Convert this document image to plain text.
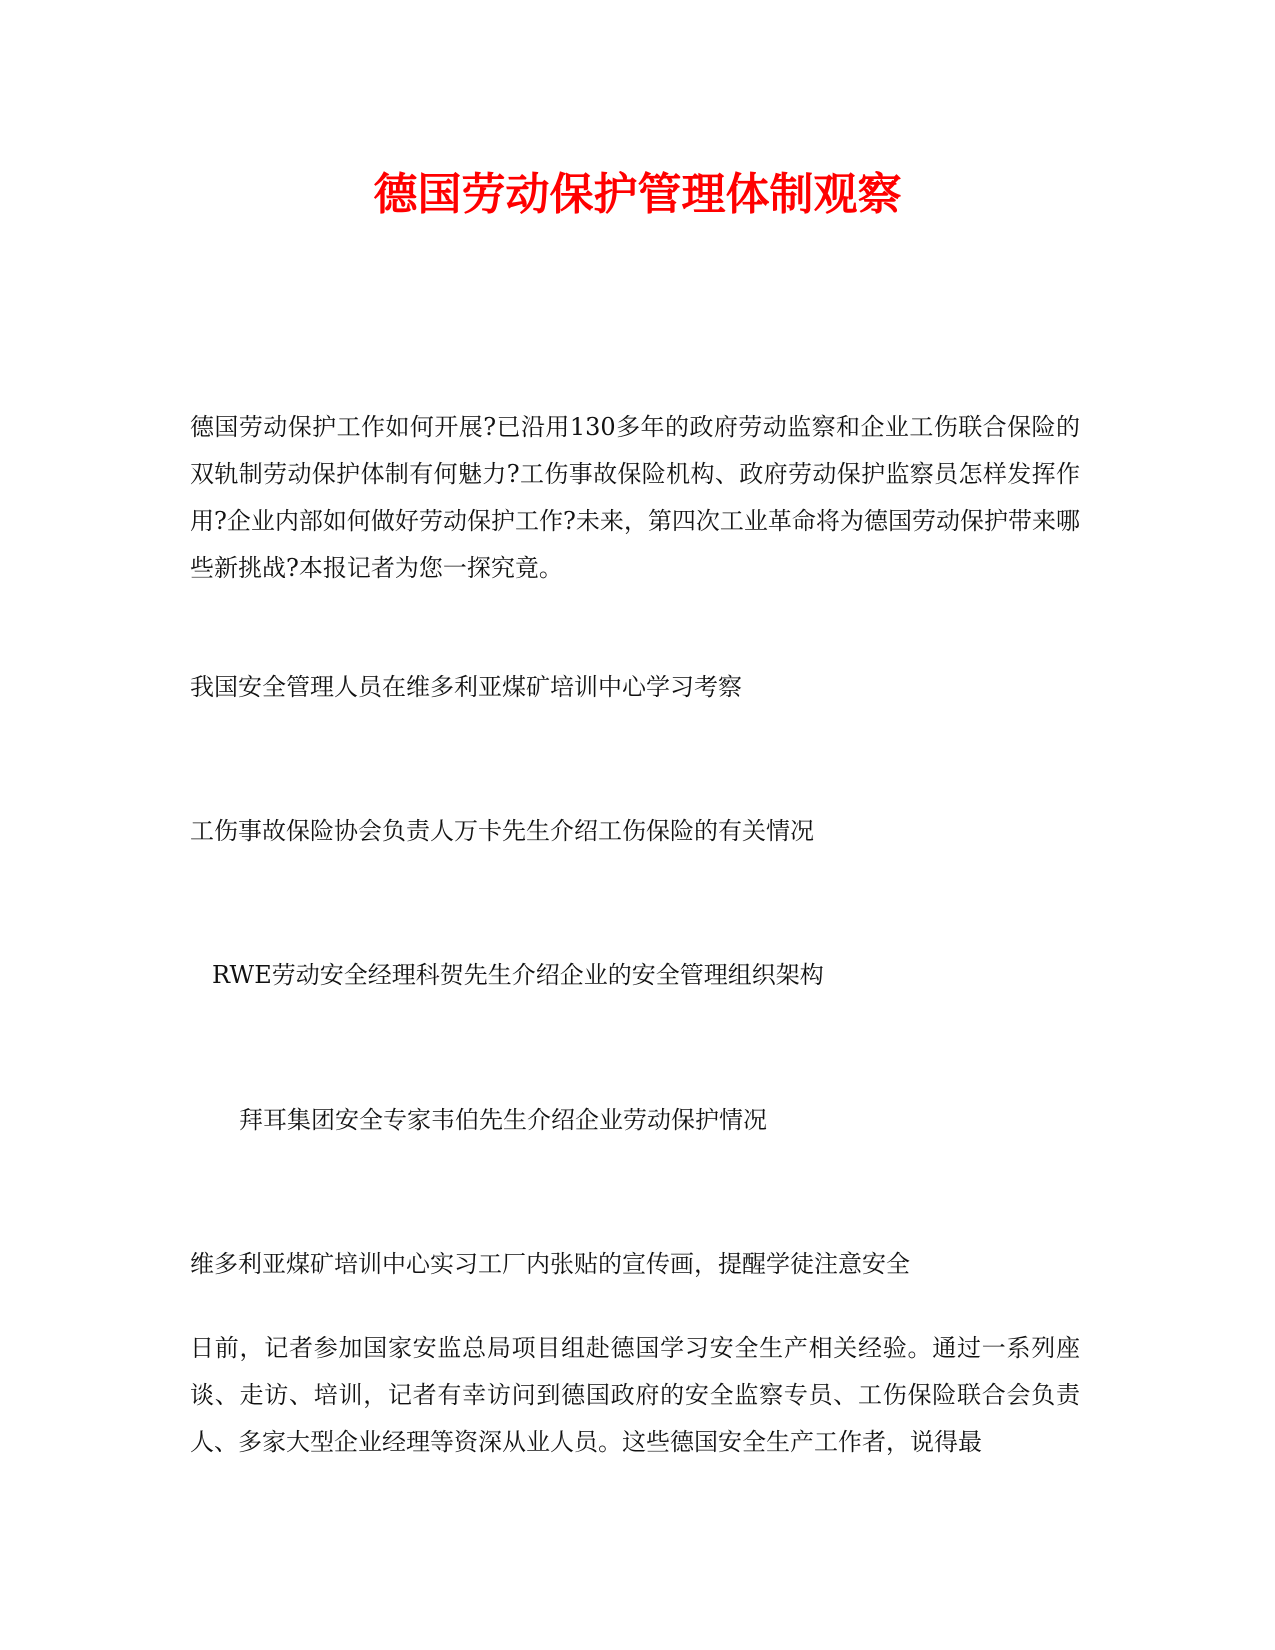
德国劳动保护管理体制观察

德国劳动保护工作如何开展?已沿用130多年的政府劳动监察和企业工伤联合保险的双轨制劳动保护体制有何魅力?工伤事故保险机构、政府劳动保护监察员怎样发挥作用?企业内部如何做好劳动保护工作?未来，第四次工业革命将为德国劳动保护带来哪些新挑战?本报记者为您一探究竟。

我国安全管理人员在维多利亚煤矿培训中心学习考察

工伤事故保险协会负责人万卡先生介绍工伤保险的有关情况

RWE劳动安全经理科贺先生介绍企业的安全管理组织架构

拜耳集团安全专家韦伯先生介绍企业劳动保护情况

维多利亚煤矿培训中心实习工厂内张贴的宣传画，提醒学徒注意安全

日前，记者参加国家安监总局项目组赴德国学习安全生产相关经验。通过一系列座谈、走访、培训，记者有幸访问到德国政府的安全监察专员、工伤保险联合会负责人、多家大型企业经理等资深从业人员。这些德国安全生产工作者，说得最
